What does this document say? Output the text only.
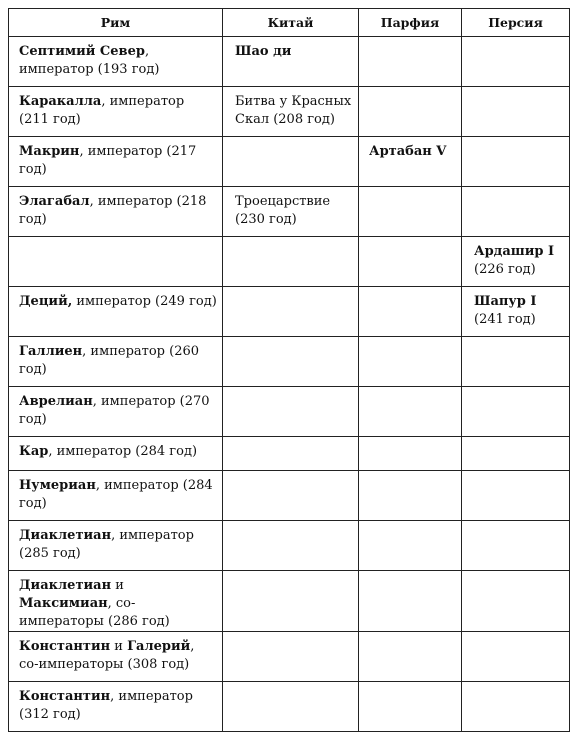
Рим	Китай	Парфия	Персия

Септимий Север, император (193 год)	Шао ди		

Каракалла, император (211 год)	Битва у Красных Скал (208 год)		

Макрин, император (217 год)		Артабан V	

Элагабал, император (218 год)	Троецарствие (230 год)		

			Ардашир I (226 год)

Деций, император (249 год)			Шапур I (241 год)

Галлиен, император (260 год)			

Аврелиан, император (270 год)			

Кар, император (284 год)			

Нумериан, император (284 год)			

Диаклетиан, император (285 год)			

Диаклетиан и Максимиан, со-императоры (286 год)			

Константин и Галерий, со-императоры (308 год)			

Константин, император (312 год)			
